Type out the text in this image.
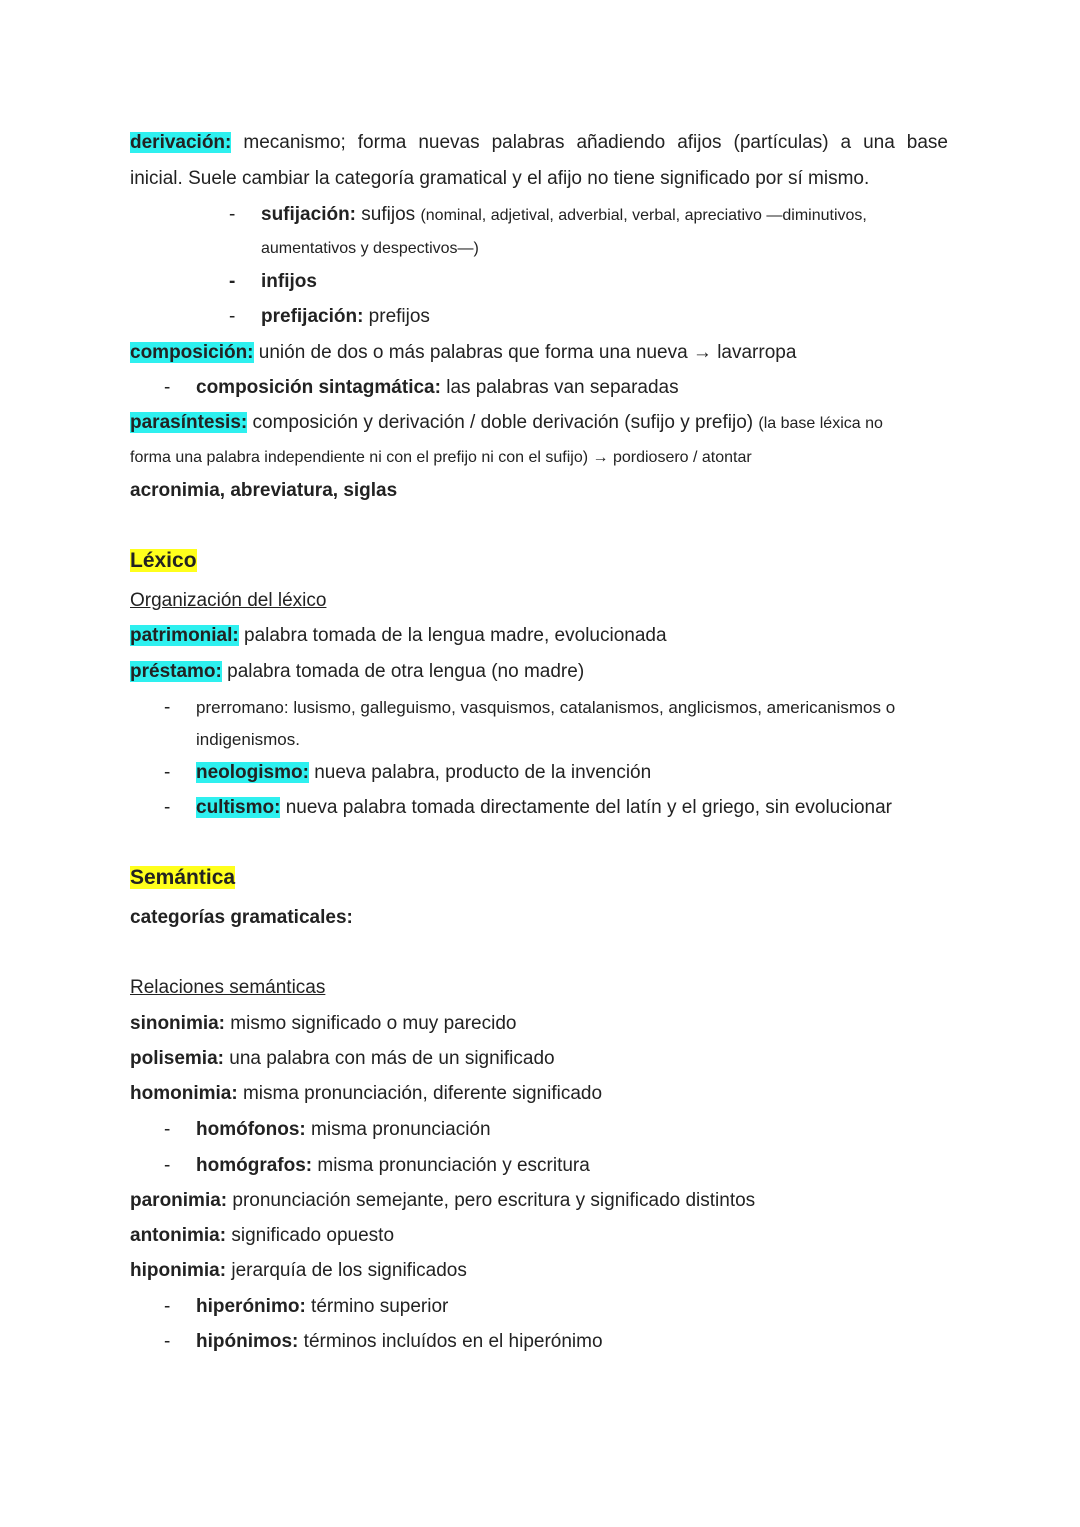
derivación: mecanismo; forma nuevas palabras añadiendo afijos (partículas) a una base
inicial. Suele cambiar la categoría gramatical y el afijo no tiene significado por sí mismo.
- sufijación: sufijos (nominal, adjetival, adverbial, verbal, apreciativo —diminutivos,
aumentativos y despectivos—)
- infijos
- prefijación: prefijos
composición: unión de dos o más palabras que forma una nueva → lavarropa
- composición sintagmática: las palabras van separadas
parasíntesis: composición y derivación / doble derivación (sufijo y prefijo) (la base léxica no
forma una palabra independiente ni con el prefijo ni con el sufijo) → pordiosero / atontar
acronimia, abreviatura, siglas
Léxico
Organización del léxico
patrimonial: palabra tomada de la lengua madre, evolucionada
préstamo: palabra tomada de otra lengua (no madre)
- prerromano: lusismo, galleguismo, vasquismos, catalanismos, anglicismos, americanismos o
indigenismos.
- neologismo: nueva palabra, producto de la invención
- cultismo: nueva palabra tomada directamente del latín y el griego, sin evolucionar
Semántica
categorías gramaticales:
Relaciones semánticas
sinonimia: mismo significado o muy parecido
polisemia: una palabra con más de un significado
homonimia: misma pronunciación, diferente significado
- homófonos: misma pronunciación
- homógrafos: misma pronunciación y escritura
paronimia: pronunciación semejante, pero escritura y significado distintos
antonimia: significado opuesto
hiponimia: jerarquía de los significados
- hiperónimo: término superior
- hipónimos: términos incluídos en el hiperónimo
